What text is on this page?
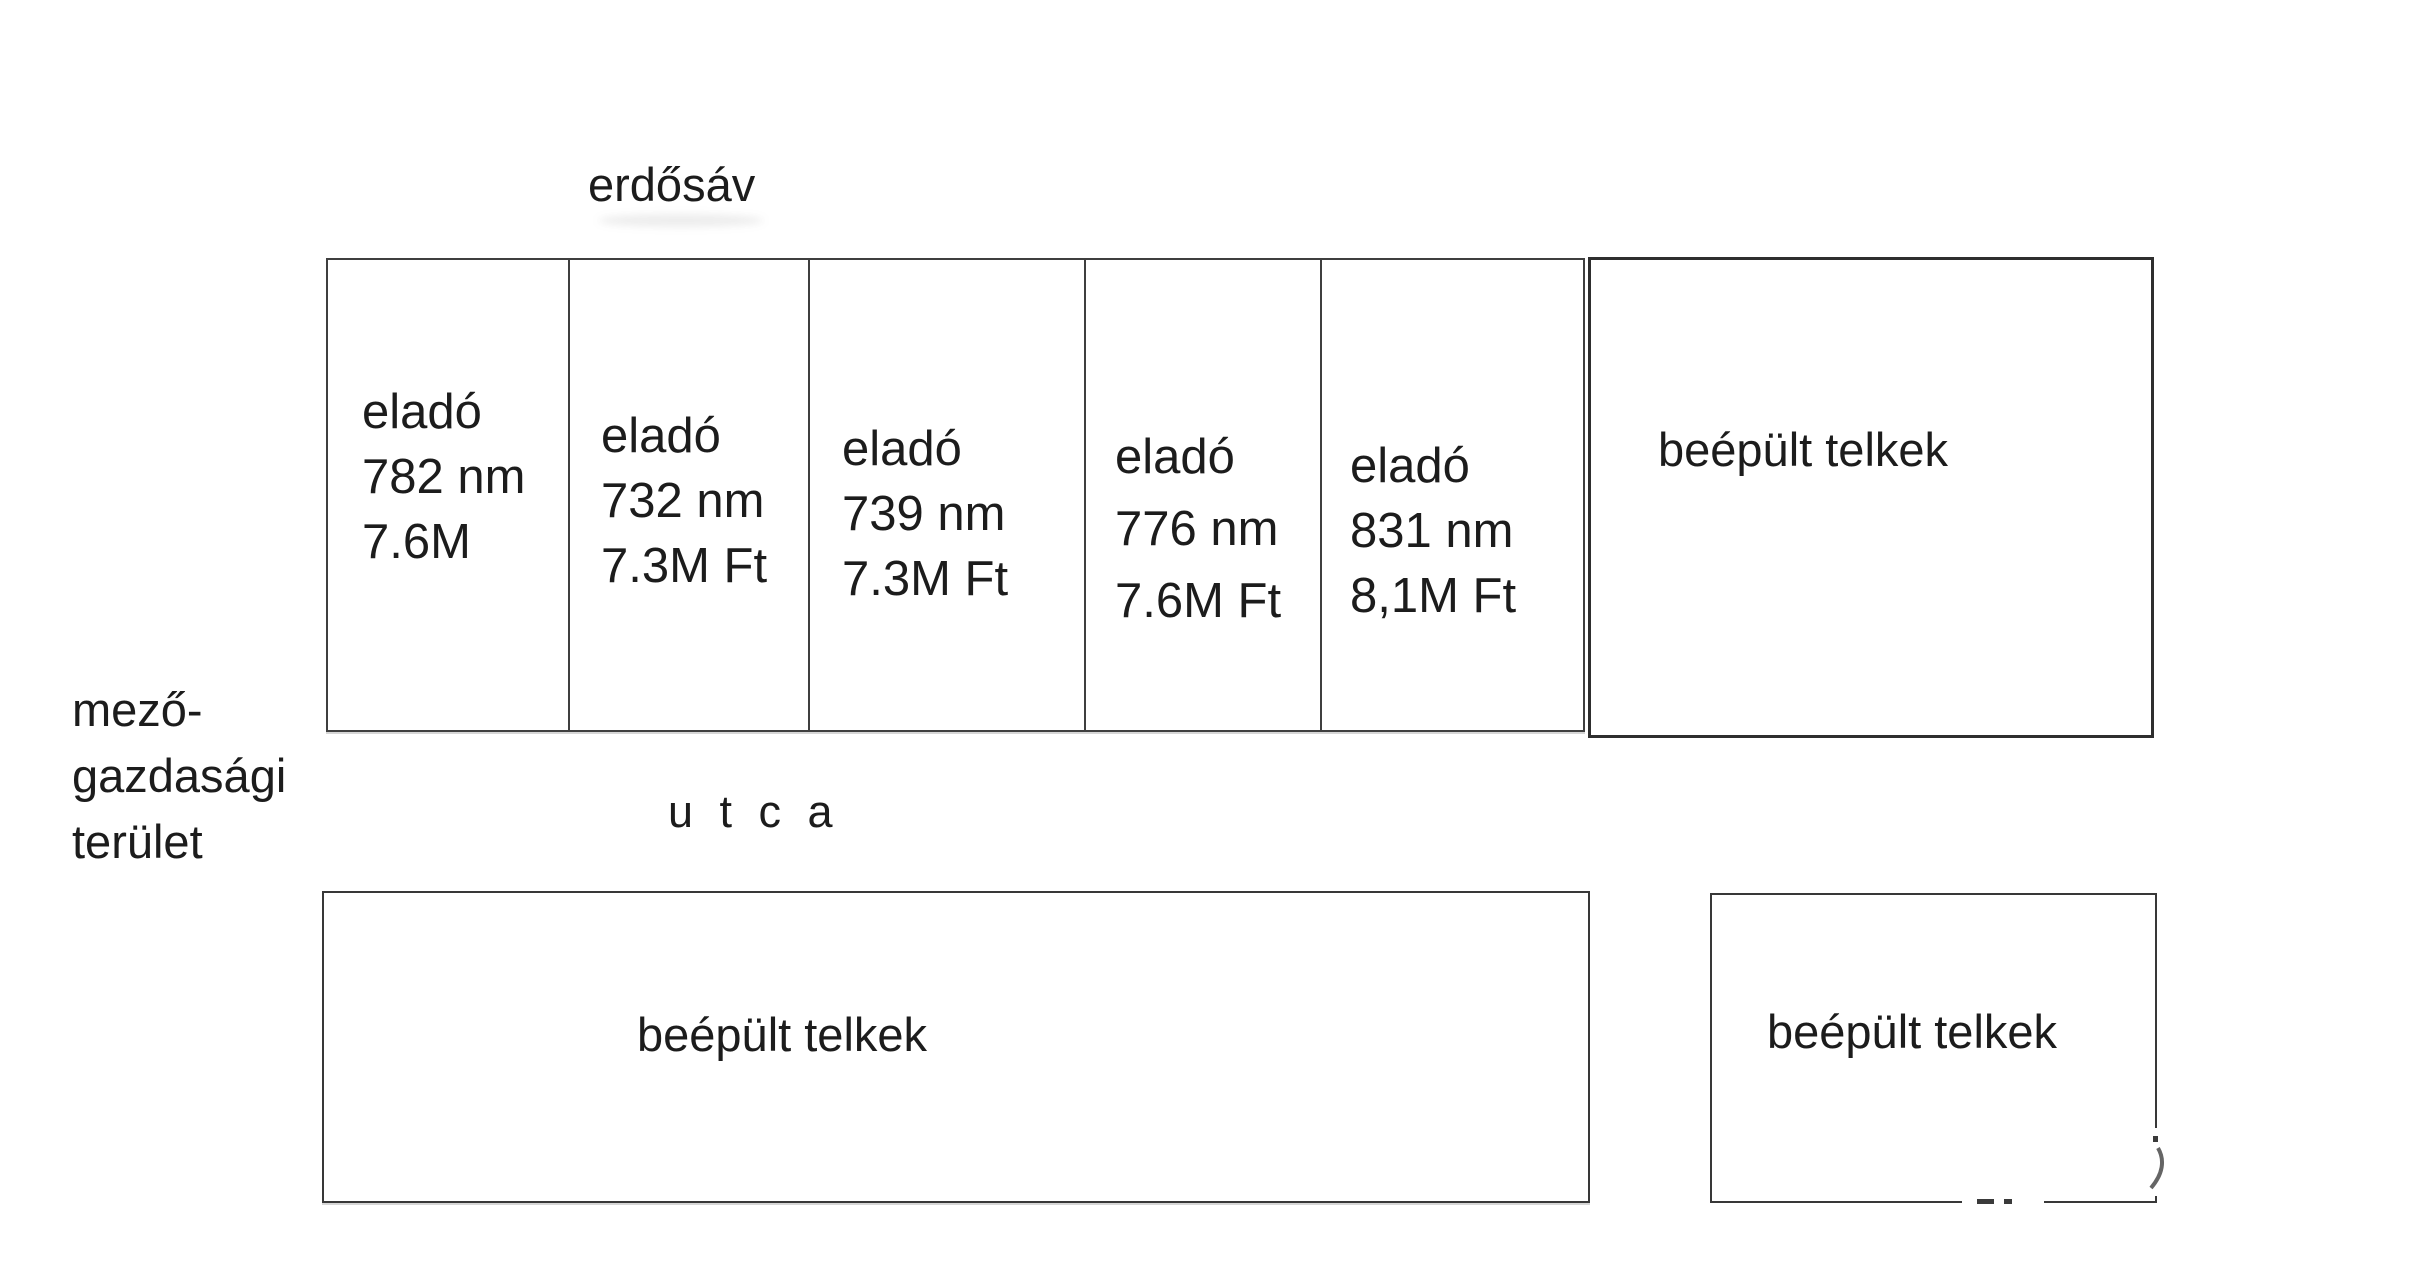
erdősáv
mező-
gazdasági
terület
u t c a
eladó
782 nm
7.6M
eladó
732 nm
7.3M Ft
eladó
739 nm
7.3M Ft
eladó
776 nm
7.6M Ft
eladó
831 nm
8,1M Ft
beépült telkek
beépült telkek	beépült telkek
